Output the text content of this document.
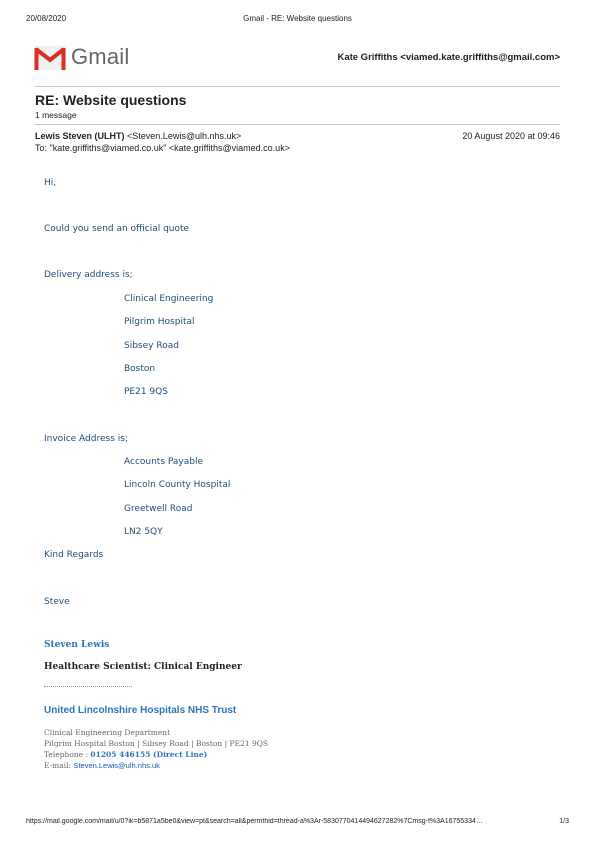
20/08/2020	Gmail - RE: Website questions
Gmail	Kate Griffiths <viamed.kate.griffiths@gmail.com>
RE: Website questions
1 message
Lewis Steven (ULHT) <Steven.Lewis@ulh.nhs.uk>	20 August 2020 at 09:46
To: "kate.griffiths@viamed.co.uk" <kate.griffiths@viamed.co.uk>
Hi,
Could you send an official quote
Delivery address is;
Clinical Engineering
Pilgrim Hospital
Sibsey Road
Boston
PE21 9QS
Invoice Address is;
Accounts Payable
Lincoln County Hospital
Greetwell Road
LN2 5QY
Kind Regards
Steve
Steven Lewis
Healthcare Scientist: Clinical Engineer
United Lincolnshire Hospitals NHS Trust
Clinical Engineering Department
Pilgrim Hospital Boston | Sibsey Road | Boston | PE21 9QS
Telephone : 01205 446155 (Direct Line)
E-mail: Steven.Lewis@ulh.nhs.uk
https://mail.google.com/mail/u/0?ik=b5871a5be0&view=pt&search=all&permthid=thread-a%3Ar-5830770414494627282%7Cmsg-f%3A16755334…	1/3
